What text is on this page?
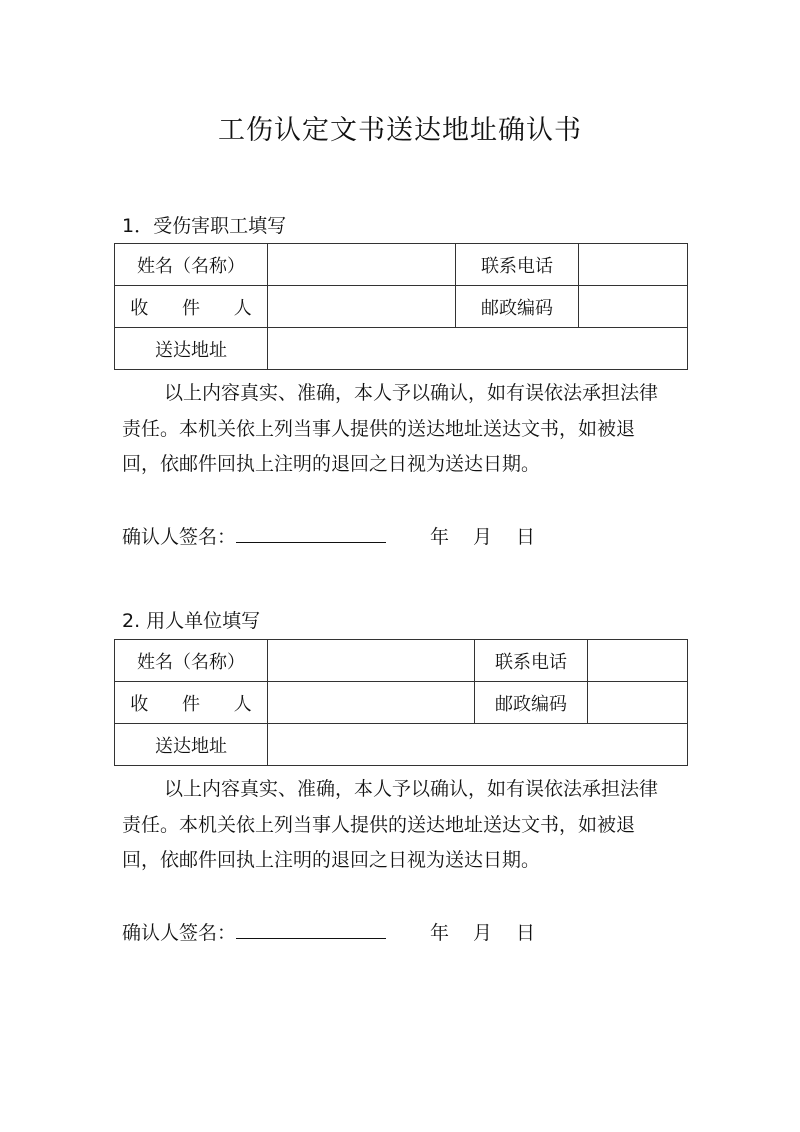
工伤认定文书送达地址确认书
1．受伤害职工填写
姓名（名称）		联系电话	
收 件 人		邮政编码	
送达地址			

以上内容真实、准确，本人予以确认，如有误依法承担法律责任。本机关依上列当事人提供的送达地址送达文书，如被退回，依邮件回执上注明的退回之日视为送达日期。

确认人签名：	年 月 日
2. 用人单位填写
姓名（名称）		联系电话	
收 件 人		邮政编码	
送达地址			

以上内容真实、准确，本人予以确认，如有误依法承担法律责任。本机关依上列当事人提供的送达地址送达文书，如被退回，依邮件回执上注明的退回之日视为送达日期。

确认人签名：	年 月 日
